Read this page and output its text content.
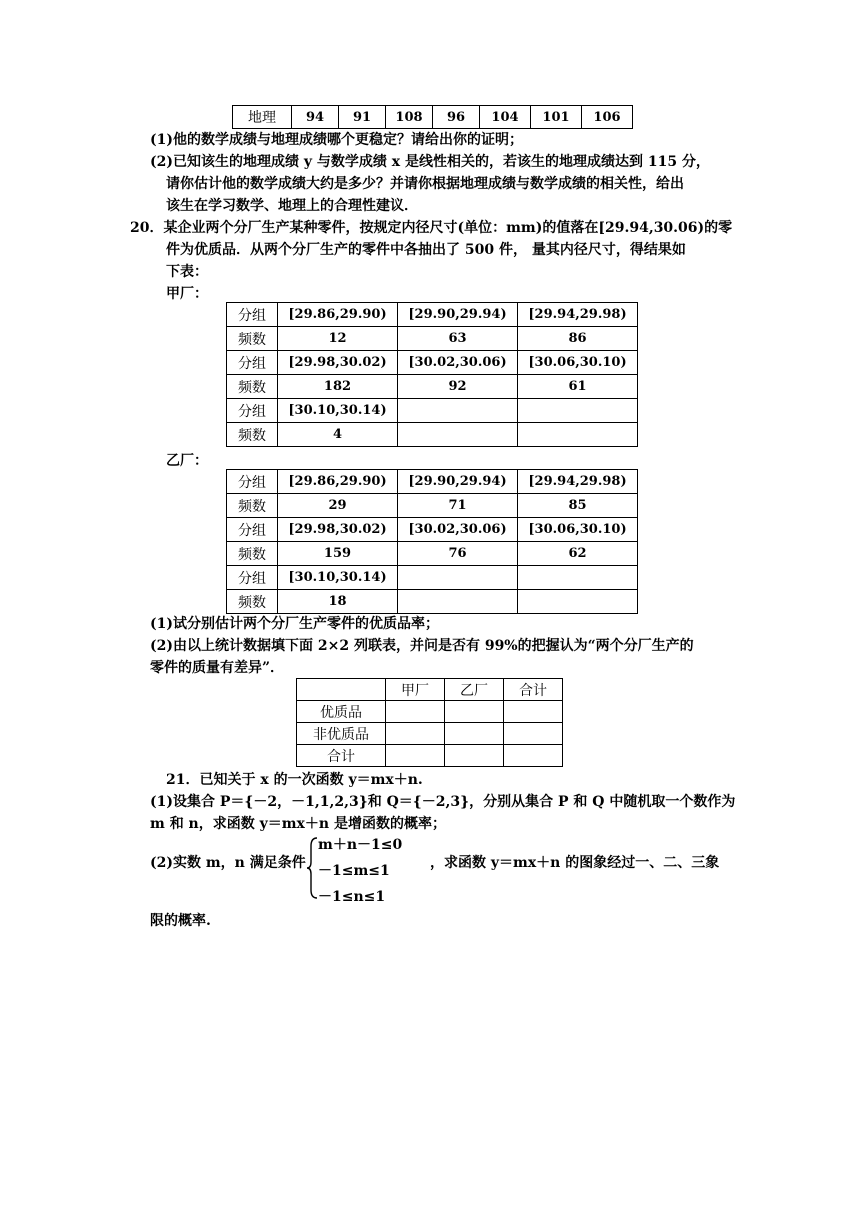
地理	94	91	108	96	104	101	106
(1)他的数学成绩与地理成绩哪个更稳定？请给出你的证明；
(2)已知该生的地理成绩 y 与数学成绩 x 是线性相关的，若该生的地理成绩达到 115 分，
请你估计他的数学成绩大约是多少？并请你根据地理成绩与数学成绩的相关性，给出
该生在学习数学、地理上的合理性建议．
20．某企业两个分厂生产某种零件，按规定内径尺寸(单位：mm)的值落在[29.94,30.06)的零
件为优质品．从两个分厂生产的零件中各抽出了 500 件， 量其内径尺寸，得结果如
下表：
甲厂：
分组	[29.86,29.90)	[29.90,29.94)	[29.94,29.98)
频数	12	63	86
分组	[29.98,30.02)	[30.02,30.06)	[30.06,30.10)
频数	182	92	61
分组	[30.10,30.14)		
频数	4		
乙厂：
分组	[29.86,29.90)	[29.90,29.94)	[29.94,29.98)
频数	29	71	85
分组	[29.98,30.02)	[30.02,30.06)	[30.06,30.10)
频数	159	76	62
分组	[30.10,30.14)		
频数	18		
(1)试分别估计两个分厂生产零件的优质品率；
(2)由以上统计数据填下面 2×2 列联表，并问是否有 99%的把握认为“两个分厂生产的
零件的质量有差异”．
	甲厂	乙厂	合计
优质品			
非优质品			
合计			
21．已知关于 x 的一次函数 y＝mx＋n.
(1)设集合 P＝{－2，－1,1,2,3}和 Q＝{－2,3}，分别从集合 P 和 Q 中随机取一个数作为
m 和 n，求函数 y＝mx＋n 是增函数的概率；
(2)实数 m，n 满足条件
m＋n－1≤0
－1≤m≤1
－1≤n≤1
，求函数 y＝mx＋n 的图象经过一、二、三象
限的概率.
